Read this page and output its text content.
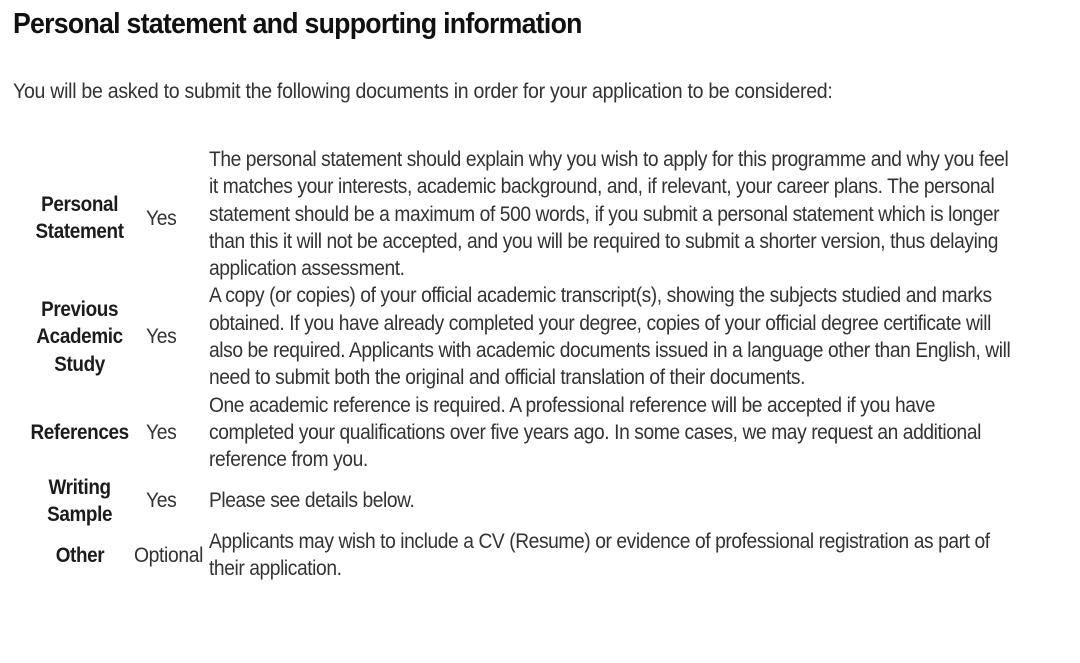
Personal statement and supporting information

You will be asked to submit the following documents in order for your application to be considered:

Personal Statement	Yes	The personal statement should explain why you wish to apply for this programme and why you feel it matches your interests, academic background, and, if relevant, your career plans. The personal statement should be a maximum of 500 words, if you submit a personal statement which is longer than this it will not be accepted, and you will be required to submit a shorter version, thus delaying application assessment.

Previous Academic Study	Yes	A copy (or copies) of your official academic transcript(s), showing the subjects studied and marks obtained. If you have already completed your degree, copies of your official degree certificate will also be required. Applicants with academic documents issued in a language other than English, will need to submit both the original and official translation of their documents.

References	Yes	One academic reference is required. A professional reference will be accepted if you have completed your qualifications over five years ago. In some cases, we may request an additional reference from you.

Writing Sample	Yes	Please see details below.

Other	Optional	Applicants may wish to include a CV (Resume) or evidence of professional registration as part of their application.
